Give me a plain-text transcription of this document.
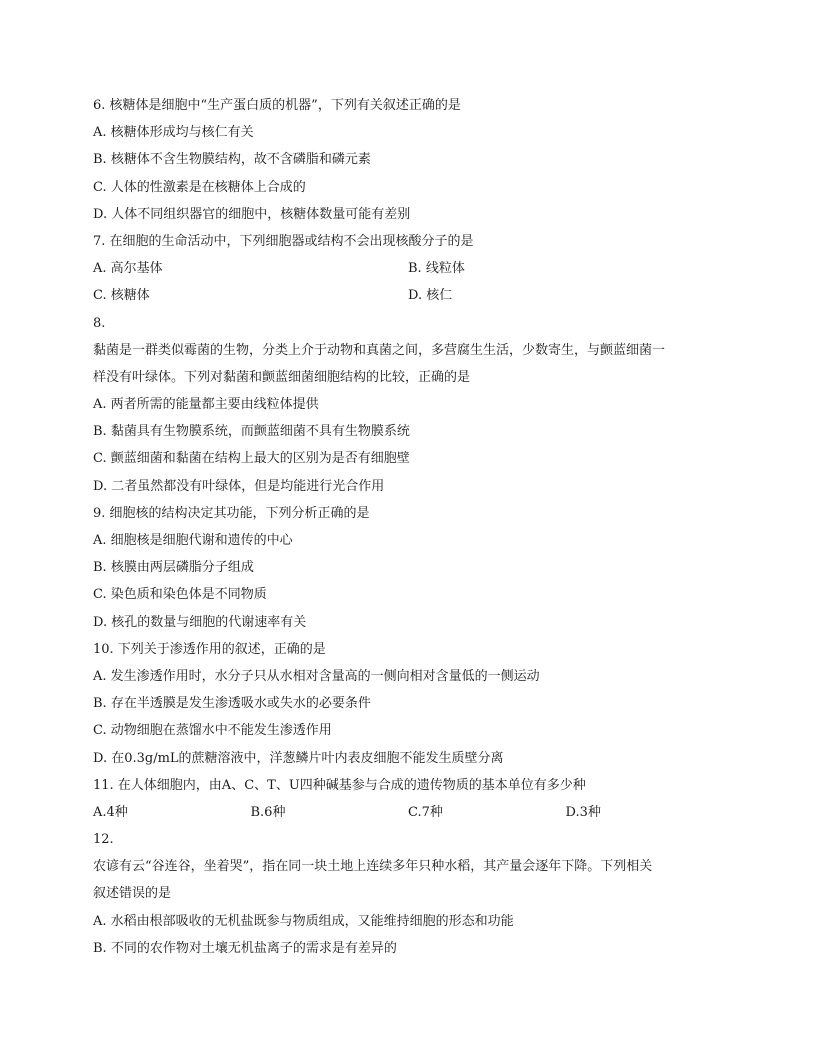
6. 核糖体是细胞中“生产蛋白质的机器”，下列有关叙述正确的是
A. 核糖体形成均与核仁有关
B. 核糖体不含生物膜结构，故不含磷脂和磷元素
C. 人体的性激素是在核糖体上合成的
D. 人体不同组织器官的细胞中，核糖体数量可能有差别
7. 在细胞的生命活动中，下列细胞器或结构不会出现核酸分子的是
A. 高尔基体	B. 线粒体
C. 核糖体	D. 核仁
8.
黏菌是一群类似霉菌的生物，分类上介于动物和真菌之间，多营腐生生活，少数寄生，与颤蓝细菌一
样没有叶绿体。下列对黏菌和颤蓝细菌细胞结构的比较，正确的是
A. 两者所需的能量都主要由线粒体提供
B. 黏菌具有生物膜系统，而颤蓝细菌不具有生物膜系统
C. 颤蓝细菌和黏菌在结构上最大的区别为是否有细胞壁
D. 二者虽然都没有叶绿体，但是均能进行光合作用
9. 细胞核的结构决定其功能，下列分析正确的是
A. 细胞核是细胞代谢和遗传的中心
B. 核膜由两层磷脂分子组成
C. 染色质和染色体是不同物质
D. 核孔的数量与细胞的代谢速率有关
10. 下列关于渗透作用的叙述，正确的是
A. 发生渗透作用时，水分子只从水相对含量高的一侧向相对含量低的一侧运动
B. 存在半透膜是发生渗透吸水或失水的必要条件
C. 动物细胞在蒸馏水中不能发生渗透作用
D. 在0.3g/mL的蔗糖溶液中，洋葱鳞片叶内表皮细胞不能发生质壁分离
11. 在人体细胞内，由A、C、T、U四种碱基参与合成的遗传物质的基本单位有多少种
A.4种	B.6种	C.7种	D.3种
12.
农谚有云“谷连谷，坐着哭”，指在同一块土地上连续多年只种水稻，其产量会逐年下降。下列相关
叙述错误的是
A. 水稻由根部吸收的无机盐既参与物质组成，又能维持细胞的形态和功能
B. 不同的农作物对土壤无机盐离子的需求是有差异的
